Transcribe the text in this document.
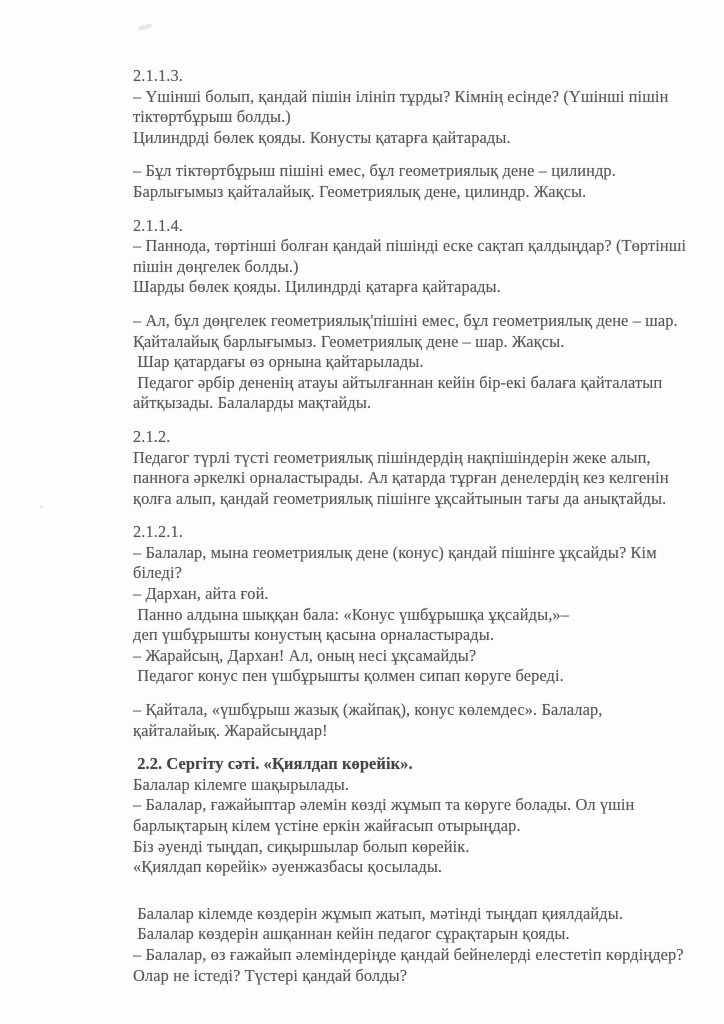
2.1.1.3.
– Үшінші болып, қандай пішін ілініп тұрды? Кімнің есінде? (Үшінші пішін
тіктөртбұрыш болды.)
Цилиндрді бөлек қояды. Конусты қатарға қайтарады.
– Бұл тіктөртбұрыш пішіні емес, бұл геометриялық дене – цилиндр.
Барлығымыз қайталайық. Геометриялық дене, цилиндр. Жақсы.
2.1.1.4.
– Паннода, төртінші болған қандай пішінді еске сақтап қалдыңдар? (Төртінші
пішін дөңгелек болды.)
Шарды бөлек қояды. Цилиндрді қатарға қайтарады.
– Ал, бұл дөңгелек геометриялық'пішіні емес, бұл геометриялық дене – шар.
Қайталайық барлығымыз. Геометриялық дене – шар. Жақсы.
Шар қатардағы өз орнына қайтарылады.
Педагог әрбір дененің атауы айтылғаннан кейін бір-екі балаға қайталатып
айтқызады. Балаларды мақтайды.
2.1.2.
Педагог түрлі түсті геометриялық пішіндердің нақпішіндерін жеке алып,
панноға әркелкі орналастырады. Ал қатарда тұрған денелердің кез келгенін
қолға алып, қандай геометриялық пішінге ұқсайтынын тағы да анықтайды.
2.1.2.1.
– Балалар, мына геометриялық дене (конус) қандай пішінге ұқсайды? Кім
біледі?
– Дархан, айта ғой.
Панно алдына шыққан бала: «Конус үшбұрышқа ұқсайды,»–
деп үшбұрышты конустың қасына орналастырады.
– Жарайсың, Дархан! Ал, оның несі ұқсамайды?
Педагог конус пен үшбұрышты қолмен сипап көруге береді.
– Қайтала, «үшбұрыш жазық (жайпақ), конус көлемдес». Балалар,
қайталайық. Жарайсыңдар!
2.2. Сергіту сәті. «Қиялдап көрейік».
Балалар кілемге шақырылады.
– Балалар, ғажайыптар әлемін көзді жұмып та көруге болады. Ол үшін
барлықтарың кілем үстіне еркін жайғасып отырыңдар.
Біз әуенді тыңдап, сиқыршылар болып көрейік.
«Қиялдап көрейік» әуенжазбасы қосылады.
Балалар кілемде көздерін жұмып жатып, мәтінді тыңдап қиялдайды.
Балалар көздерін ашқаннан кейін педагог сұрақтарын қояды.
– Балалар, өз ғажайып әлеміндеріңде қандай бейнелерді елестетіп көрдіңдер?
Олар не істеді? Түстері қандай болды?
